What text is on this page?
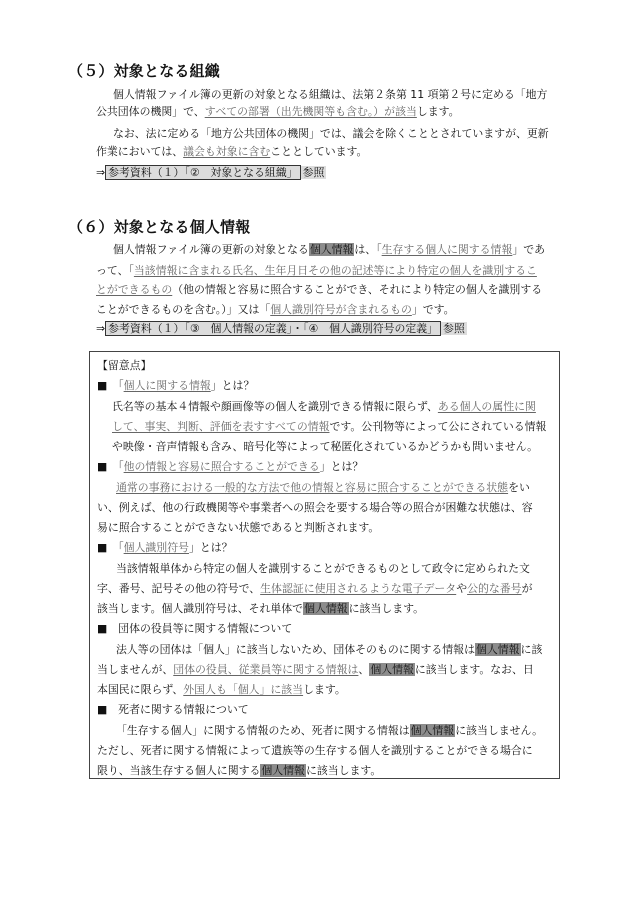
（５）対象となる組織
個人情報ファイル簿の更新の対象となる組織は、法第２条第 11 項第２号に定める「地方
公共団体の機関」で、すべての部署（出先機関等も含む。）が該当します。
なお、法に定める「地方公共団体の機関」では、議会を除くこととされていますが、更新
作業においては、議会も対象に含むこととしています。
⇒ 参考資料（１）「②　対象となる組織」 参照
（６）対象となる個人情報
個人情報ファイル簿の更新の対象となる個人情報は、「生存する個人に関する情報」であ
って、「当該情報に含まれる氏名、生年月日その他の記述等により特定の個人を識別するこ
とができるもの（他の情報と容易に照合することができ、それにより特定の個人を識別する
ことができるものを含む。）」又は「個人識別符号が含まれるもの」です。
⇒ 参考資料（１）「③　個人情報の定義」・「④　個人識別符号の定義」 参照
【留意点】
■　「個人に関する情報」とは？
氏名等の基本４情報や顔画像等の個人を識別できる情報に限らず、ある個人の属性に関
して、事実、判断、評価を表すすべての情報です。公刊物等によって公にされている情報
や映像・音声情報も含み、暗号化等によって秘匿化されているかどうかも問いません。
■　「他の情報と容易に照合することができる」とは？
通常の事務における一般的な方法で他の情報と容易に照合することができる状態をい
い、例えば、他の行政機関等や事業者への照会を要する場合等の照合が困難な状態は、容
易に照合することができない状態であると判断されます。
■　「個人識別符号」とは？
当該情報単体から特定の個人を識別することができるものとして政令に定められた文
字、番号、記号その他の符号で、生体認証に使用されるような電子データや公的な番号が
該当します。個人識別符号は、それ単体で個人情報に該当します。
■　団体の役員等に関する情報について
法人等の団体は「個人」に該当しないため、団体そのものに関する情報は個人情報に該
当しませんが、団体の役員、従業員等に関する情報は、個人情報に該当します。なお、日
本国民に限らず、外国人も「個人」に該当します。
■　死者に関する情報について
「生存する個人」に関する情報のため、死者に関する情報は個人情報に該当しません。
ただし、死者に関する情報によって遺族等の生存する個人を識別することができる場合に
限り、当該生存する個人に関する個人情報に該当します。
